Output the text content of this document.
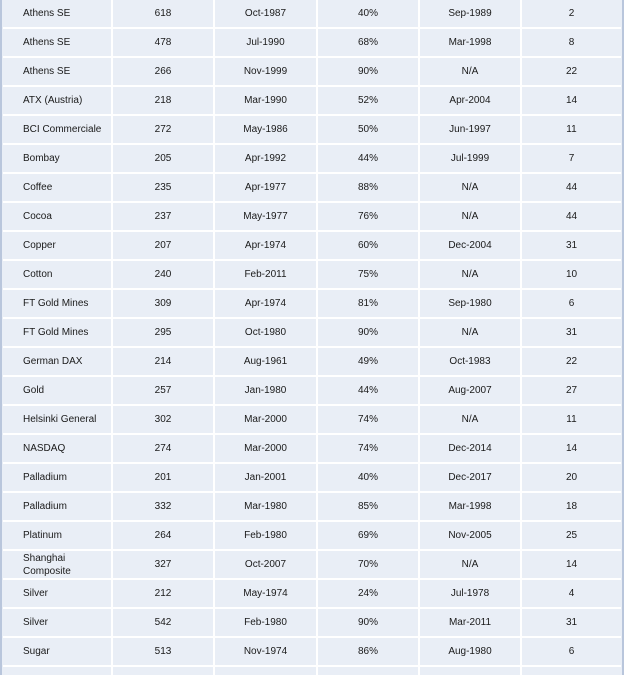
Athens SE	618	Oct-1987	40%	Sep-1989	2
Athens SE	478	Jul-1990	68%	Mar-1998	8
Athens SE	266	Nov-1999	90%	N/A	22
ATX (Austria)	218	Mar-1990	52%	Apr-2004	14
BCI Commerciale	272	May-1986	50%	Jun-1997	11
Bombay	205	Apr-1992	44%	Jul-1999	7
Coffee	235	Apr-1977	88%	N/A	44
Cocoa	237	May-1977	76%	N/A	44
Copper	207	Apr-1974	60%	Dec-2004	31
Cotton	240	Feb-2011	75%	N/A	10
FT Gold Mines	309	Apr-1974	81%	Sep-1980	6
FT Gold Mines	295	Oct-1980	90%	N/A	31
German DAX	214	Aug-1961	49%	Oct-1983	22
Gold	257	Jan-1980	44%	Aug-2007	27
Helsinki General	302	Mar-2000	74%	N/A	11
NASDAQ	274	Mar-2000	74%	Dec-2014	14
Palladium	201	Jan-2001	40%	Dec-2017	20
Palladium	332	Mar-1980	85%	Mar-1998	18
Platinum	264	Feb-1980	69%	Nov-2005	25
Shanghai Composite	327	Oct-2007	70%	N/A	14
Silver	212	May-1974	24%	Jul-1978	4
Silver	542	Feb-1980	90%	Mar-2011	31
Sugar	513	Nov-1974	86%	Aug-1980	6
